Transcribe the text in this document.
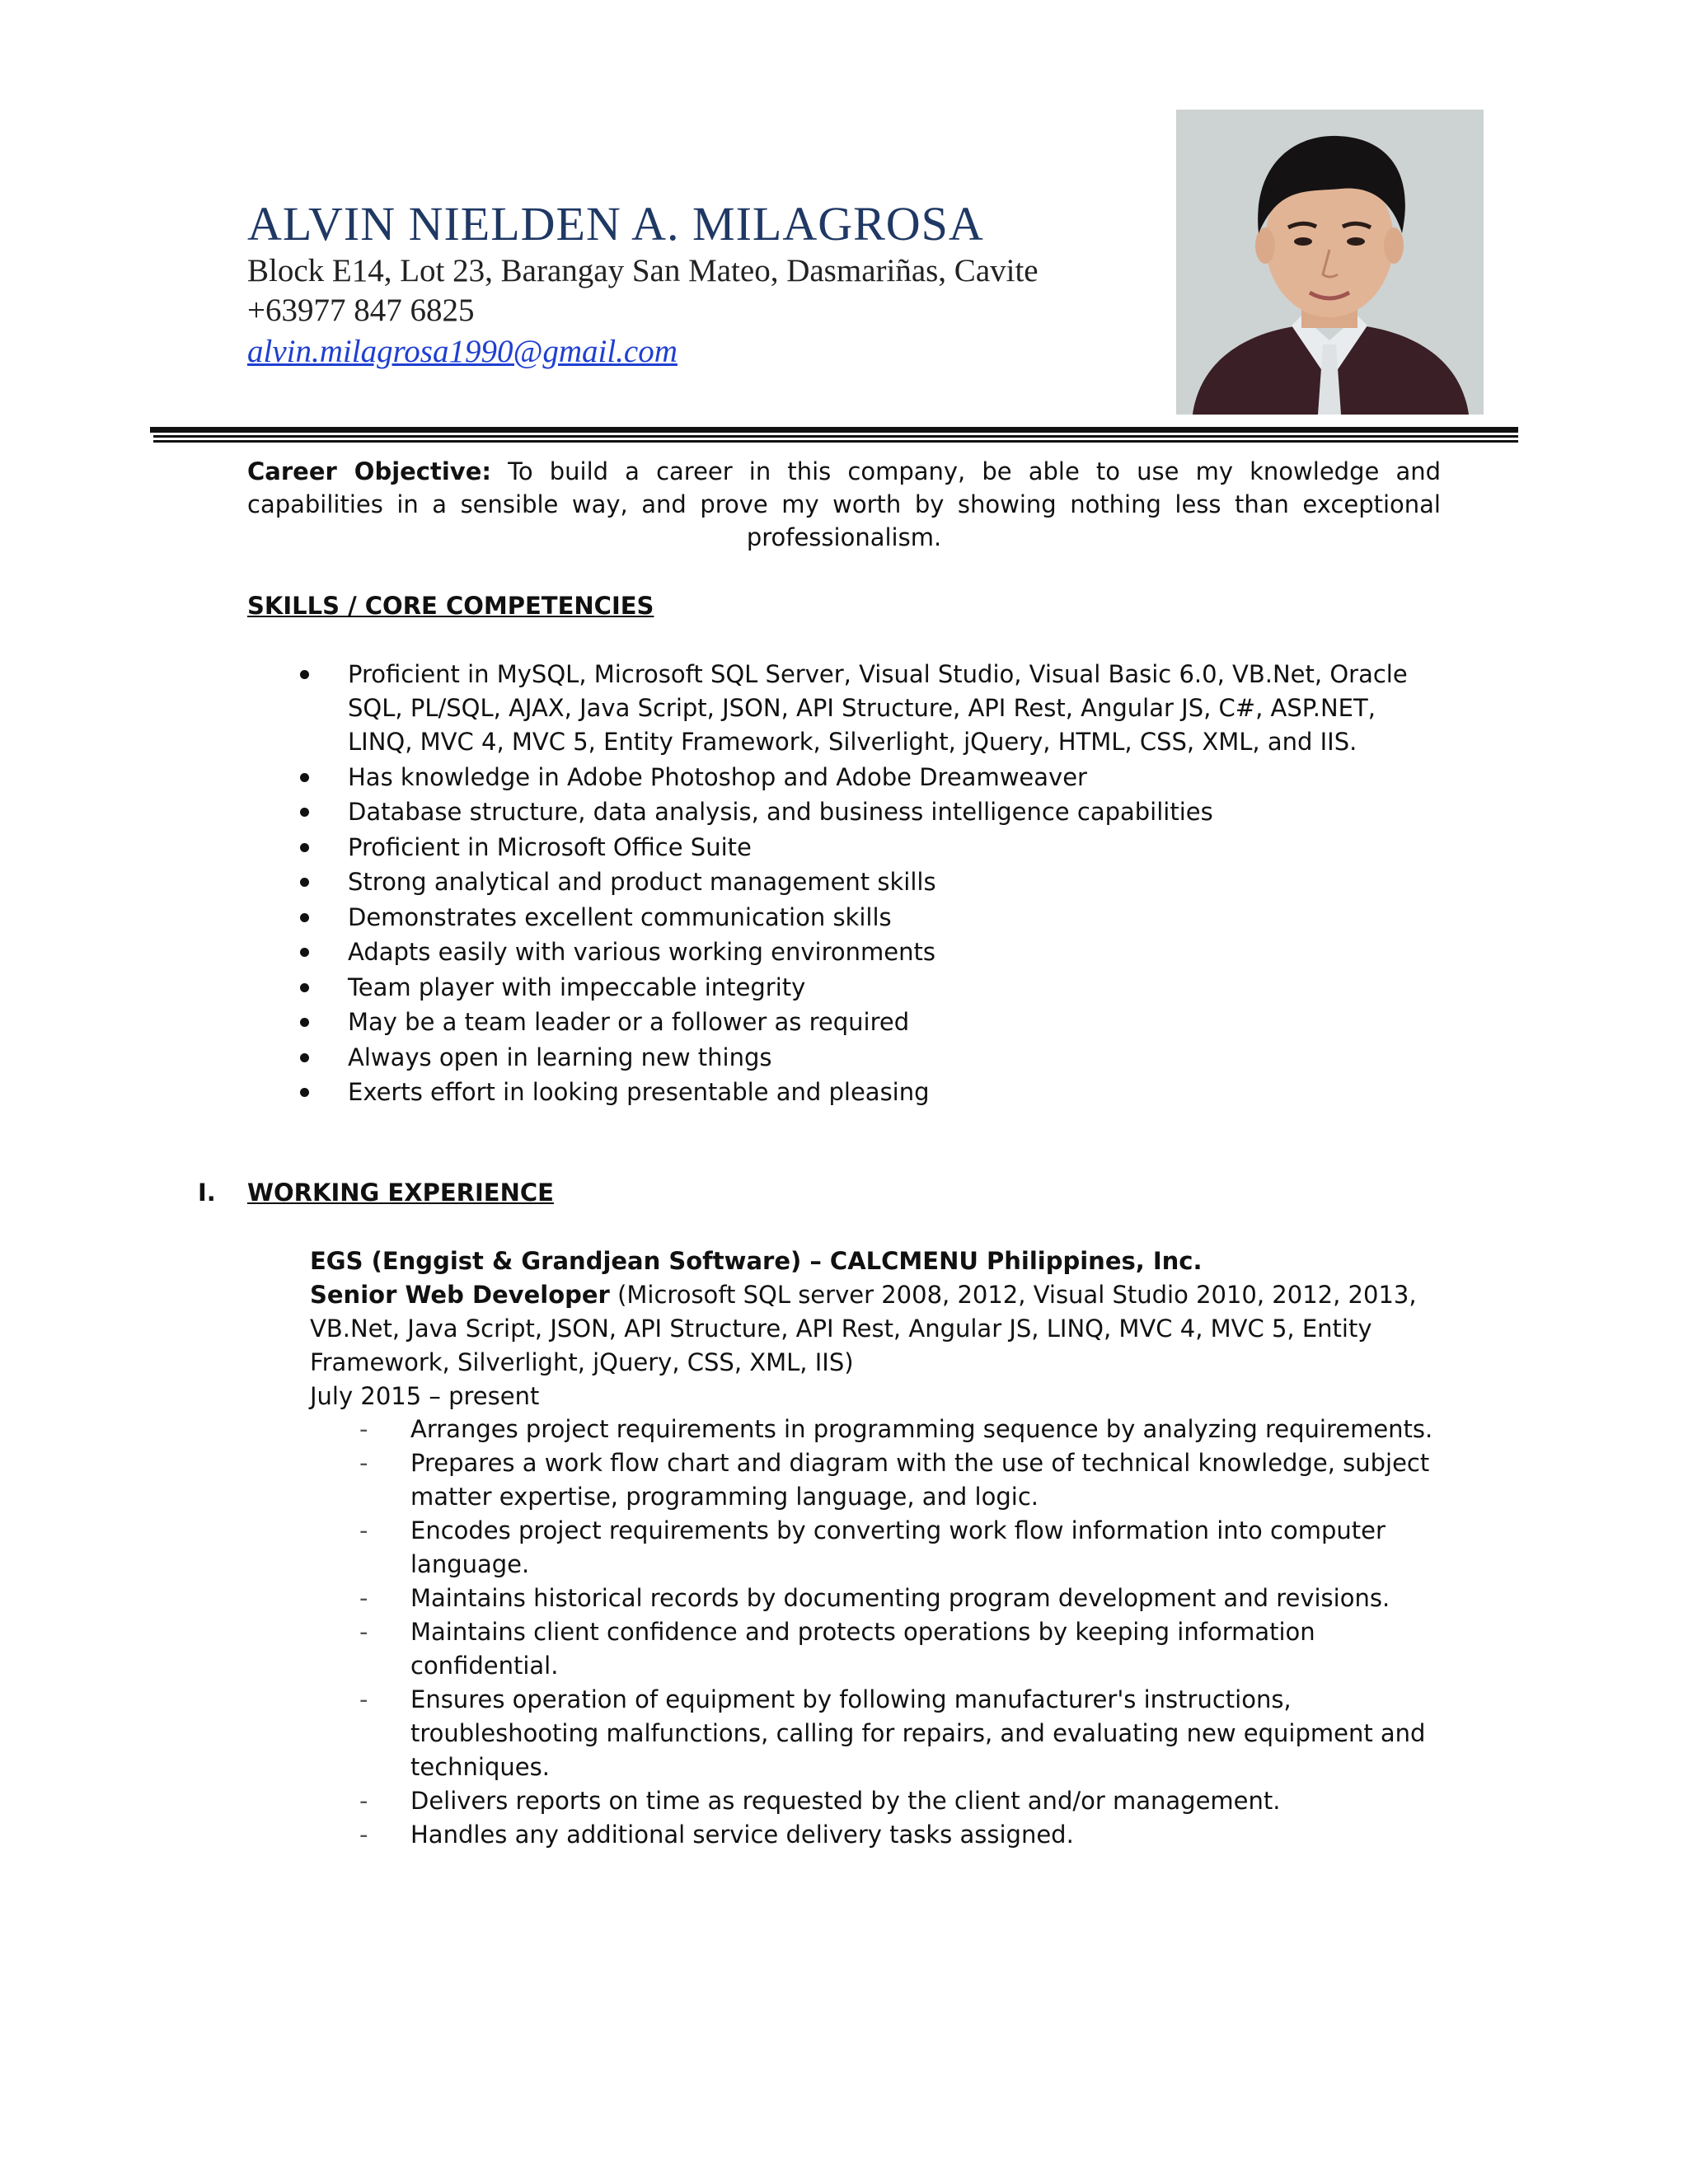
ALVIN NIELDEN A. MILAGROSA
Block E14, Lot 23, Barangay San Mateo, Dasmariñas, Cavite
+63977 847 6825
alvin.milagrosa1990@gmail.com
Career Objective: To build a career in this company, be able to use my knowledge and capabilities in a sensible way, and prove my worth by showing nothing less than exceptional professionalism.
SKILLS / CORE COMPETENCIES
Proficient in MySQL, Microsoft SQL Server, Visual Studio, Visual Basic 6.0, VB.Net, Oracle SQL, PL/SQL, AJAX, Java Script, JSON, API Structure, API Rest, Angular JS, C#, ASP.NET, LINQ, MVC 4, MVC 5, Entity Framework, Silverlight, jQuery, HTML, CSS, XML, and IIS.
Has knowledge in Adobe Photoshop and Adobe Dreamweaver
Database structure, data analysis, and business intelligence capabilities
Proficient in Microsoft Office Suite
Strong analytical and product management skills
Demonstrates excellent communication skills
Adapts easily with various working environments
Team player with impeccable integrity
May be a team leader or a follower as required
Always open in learning new things
Exerts effort in looking presentable and pleasing
I. WORKING EXPERIENCE
EGS (Enggist & Grandjean Software) – CALCMENU Philippines, Inc.
Senior Web Developer (Microsoft SQL server 2008, 2012, Visual Studio 2010, 2012, 2013, VB.Net, Java Script, JSON, API Structure, API Rest, Angular JS, LINQ, MVC 4, MVC 5, Entity Framework, Silverlight, jQuery, CSS, XML, IIS)
July 2015 – present
- Arranges project requirements in programming sequence by analyzing requirements.
- Prepares a work flow chart and diagram with the use of technical knowledge, subject matter expertise, programming language, and logic.
- Encodes project requirements by converting work flow information into computer language.
- Maintains historical records by documenting program development and revisions.
- Maintains client confidence and protects operations by keeping information confidential.
- Ensures operation of equipment by following manufacturer's instructions, troubleshooting malfunctions, calling for repairs, and evaluating new equipment and techniques.
- Delivers reports on time as requested by the client and/or management.
- Handles any additional service delivery tasks assigned.
